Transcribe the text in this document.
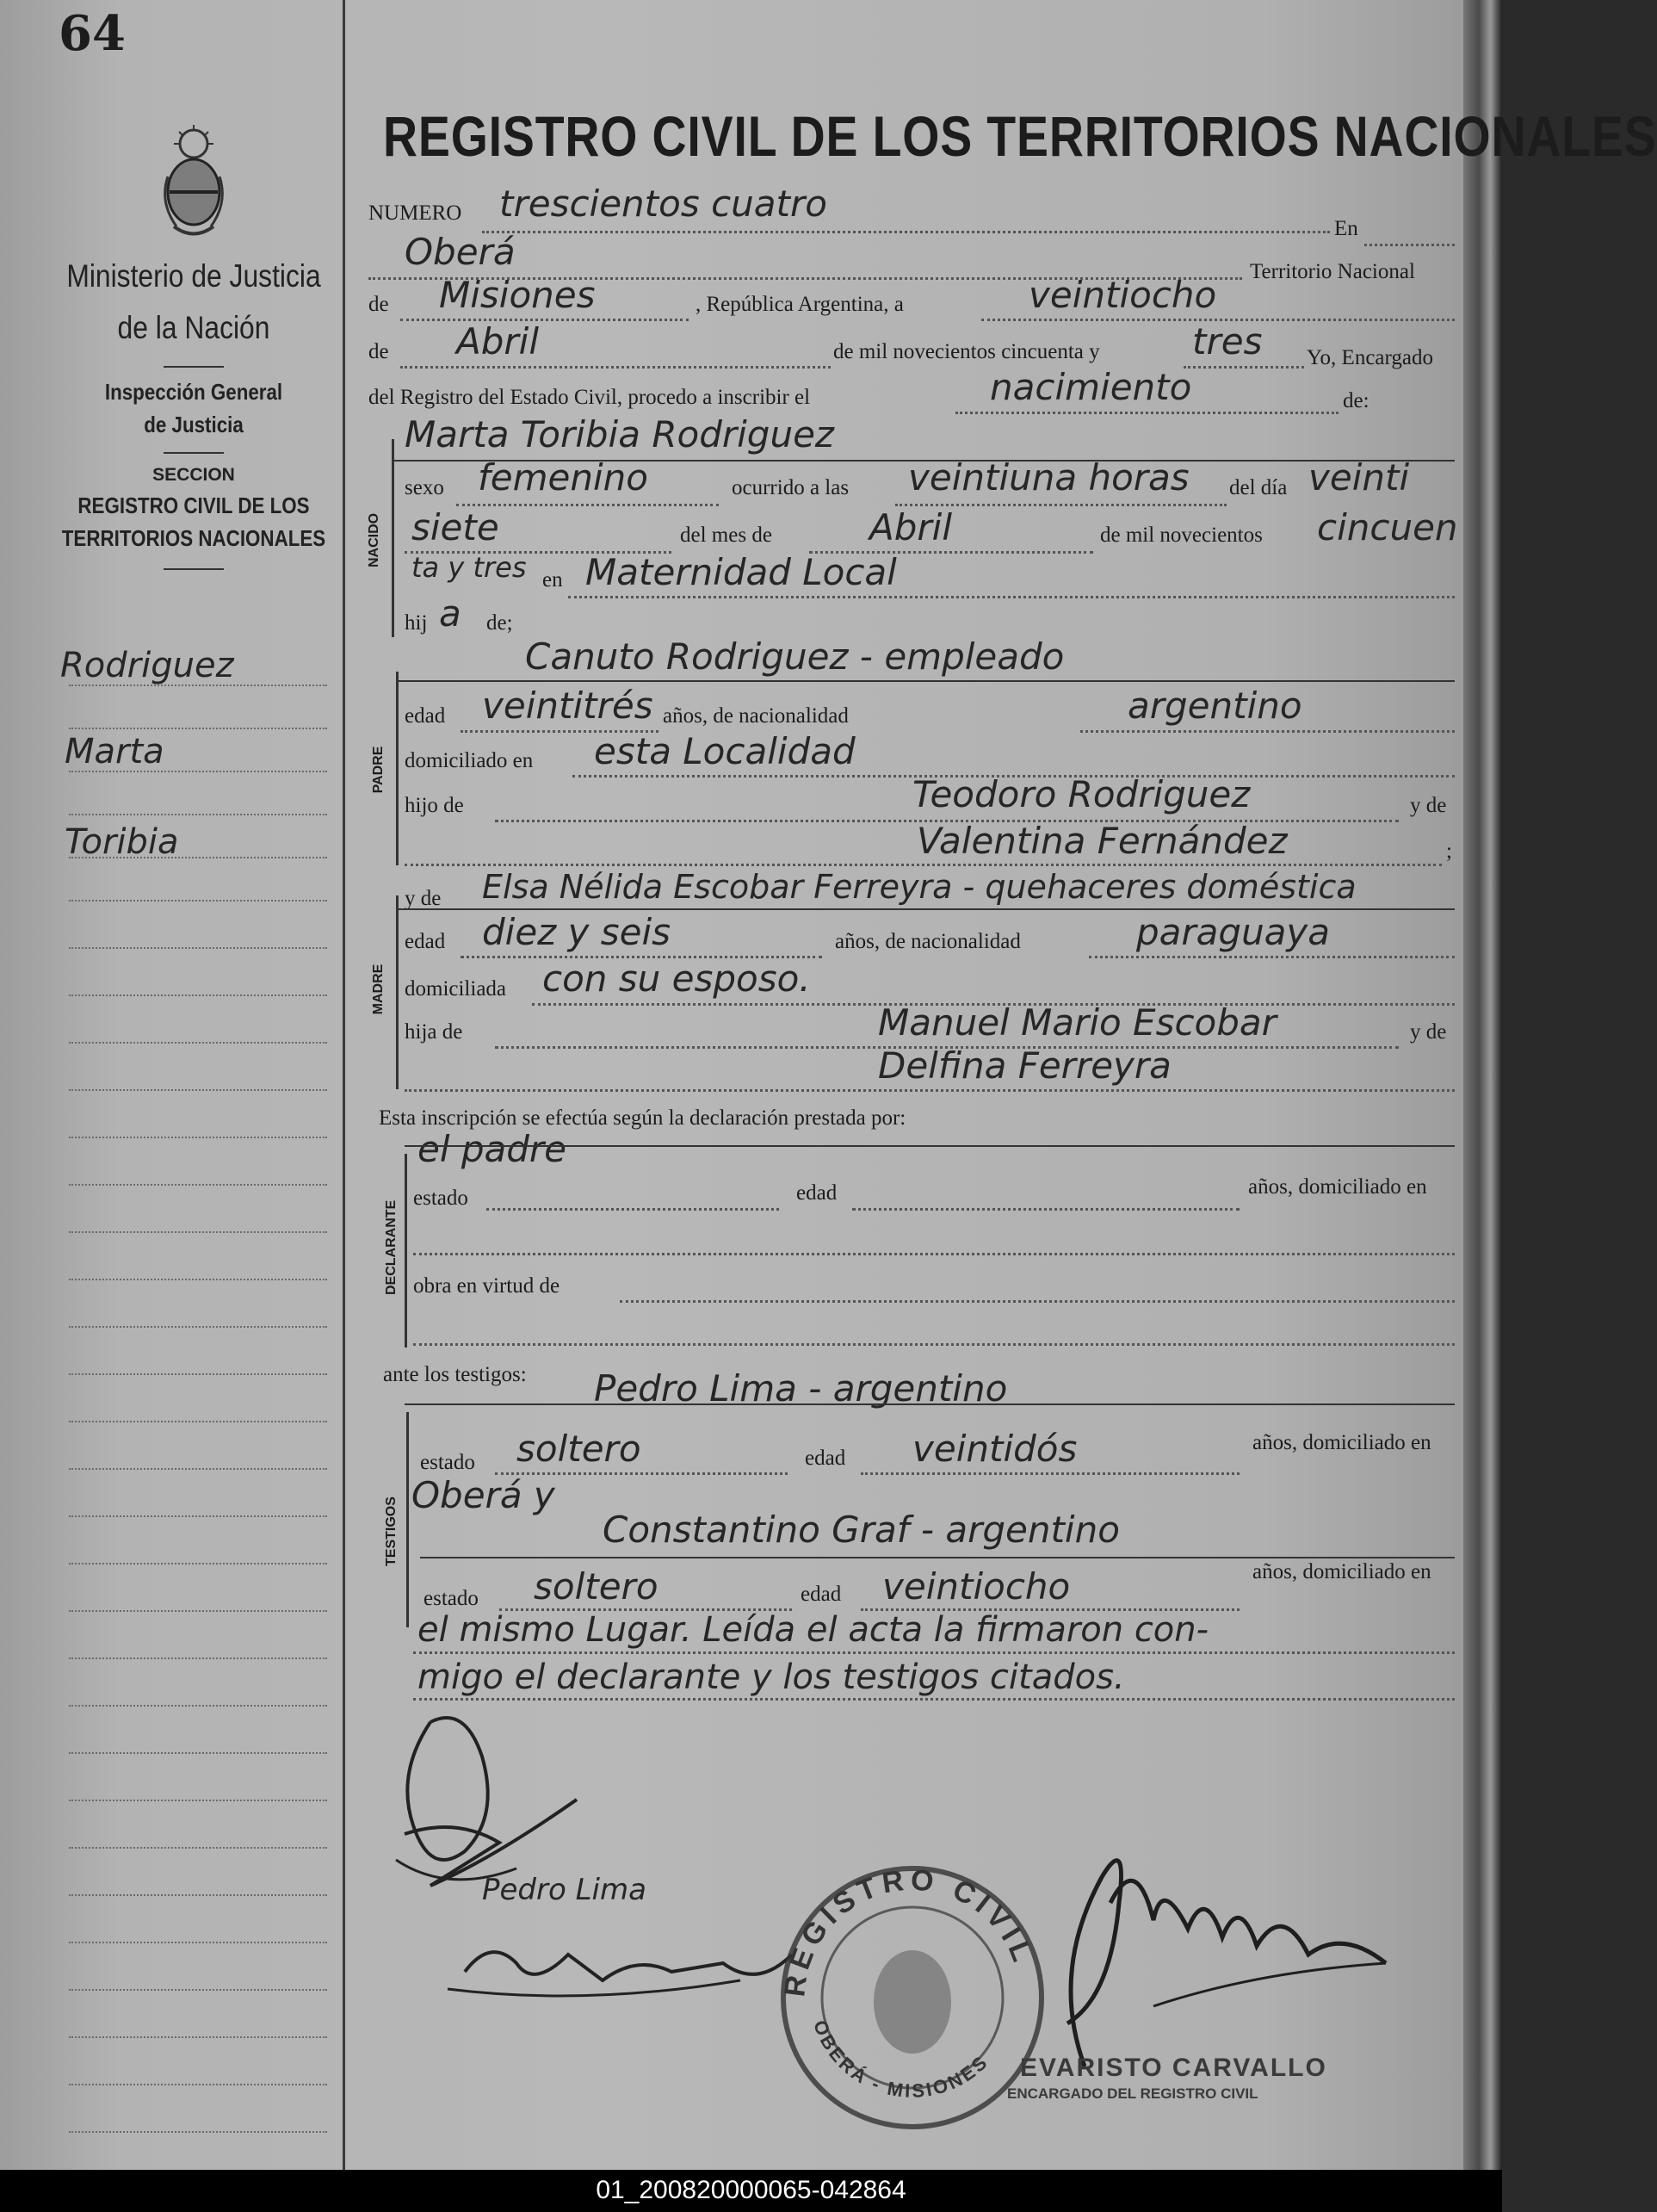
64
Ministerio de Justicia
de la Nación
Inspección General
de Justicia
SECCION
REGISTRO CIVIL DE LOS
TERRITORIOS NACIONALES
Rodriguez
Marta
Toribia
REGISTRO CIVIL DE LOS TERRITORIOS NACIONALES
NUMERO trescientos cuatro
En
Oberá	Territorio Nacional
de Misiones	, República Argentina, a	veintiocho
de Abril	de mil novecientos cincuenta y	tres Yo, Encargado
del Registro del Estado Civil, procedo a inscribir el	nacimiento	de:
Marta Toribia Rodriguez
NACIDO
sexo femenino	ocurrido a las veintiuna horas del día veinti
siete	del mes de	Abril	de mil novecientos cincuen
ta y tres en Maternidad Local
hij a de;
Canuto Rodriguez - empleado
PADRE
edad veintitrés años, de nacionalidad	argentino
domiciliado en esta Localidad
hijo de	Teodoro Rodriguez	y de
Valentina Fernández	;
y de Elsa Nélida Escobar Ferreyra - quehaceres doméstica
MADRE
edad diez y seis	años, de nacionalidad	paraguaya
domiciliada con su esposo.
hija de	Manuel Mario Escobar	y de
Delfina Ferreyra
Esta inscripción se efectúa según la declaración prestada por:
el padre
DECLARANTE
estado	edad	años, domiciliado en
obra en virtud de
ante los testigos: Pedro Lima - argentino
TESTIGOS
estado soltero	edad veintidós	años, domiciliado en
Oberá y
Constantino Graf - argentino
estado soltero	edad veintiocho	años, domiciliado en
el mismo Lugar. Leída el acta la firmaron con-
migo el declarante y los testigos citados.
Pedro Lima
REGISTRO CIVIL
OBERÁ - MISIONES EVARISTO CARVALLO
ENCARGADO DEL REGISTRO CIVIL
01_200820000065-042864
